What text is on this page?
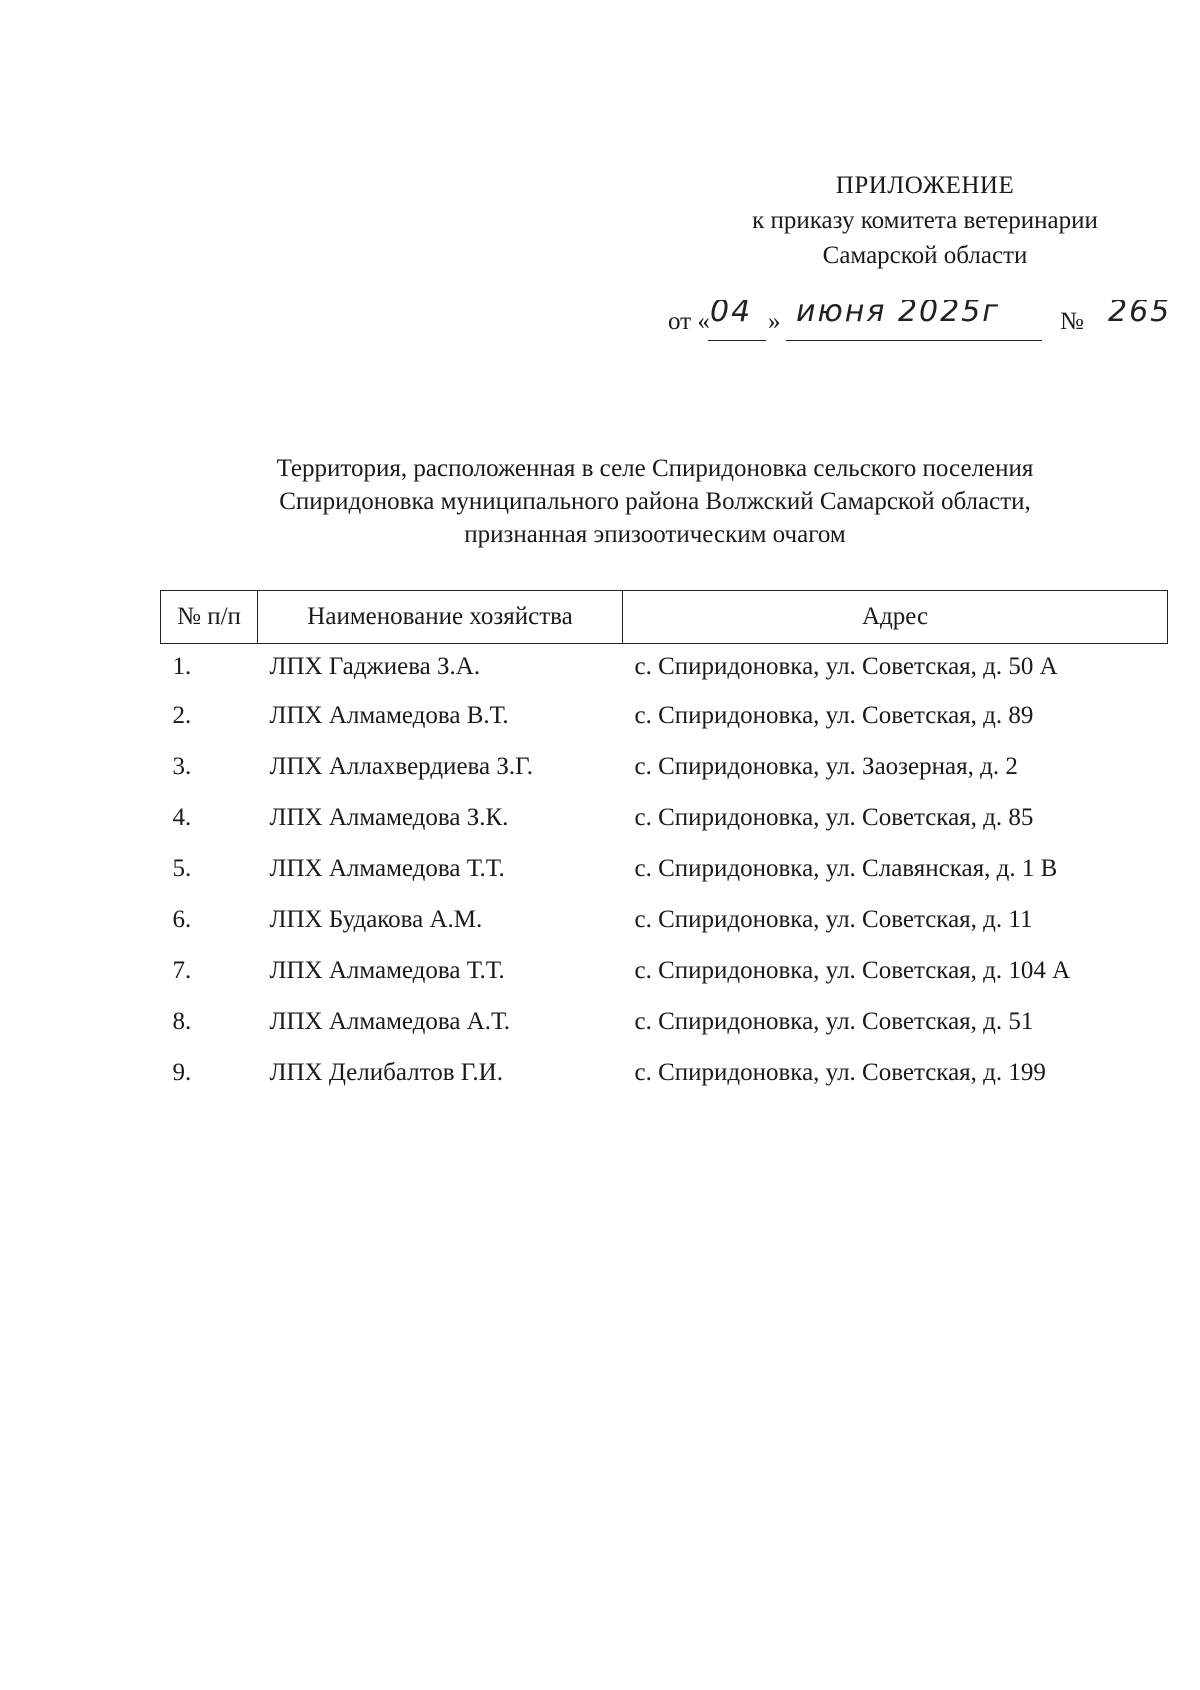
ПРИЛОЖЕНИЕ
к приказу комитета ветеринарии
Самарской области
от « 04 » июня 2025г № 265
Территория, расположенная в селе Спиридоновка сельского поселения
Спиридоновка муниципального района Волжский Самарской области,
признанная эпизоотическим очагом
№ п/п	Наименование хозяйства	Адрес
1.	ЛПХ Гаджиева З.А.	с. Спиридоновка, ул. Советская, д. 50 А
2.	ЛПХ Алмамедова В.Т.	с. Спиридоновка, ул. Советская, д. 89
3.	ЛПХ Аллахвердиева З.Г.	с. Спиридоновка, ул. Заозерная, д. 2
4.	ЛПХ Алмамедова З.К.	с. Спиридоновка, ул. Советская, д. 85
5.	ЛПХ Алмамедова Т.Т.	с. Спиридоновка, ул. Славянская, д. 1 В
6.	ЛПХ Будакова А.М.	с. Спиридоновка, ул. Советская, д. 11
7.	ЛПХ Алмамедова Т.Т.	с. Спиридоновка, ул. Советская, д. 104 А
8.	ЛПХ Алмамедова А.Т.	с. Спиридоновка, ул. Советская, д. 51
9.	ЛПХ Делибалтов Г.И.	с. Спиридоновка, ул. Советская, д. 199
